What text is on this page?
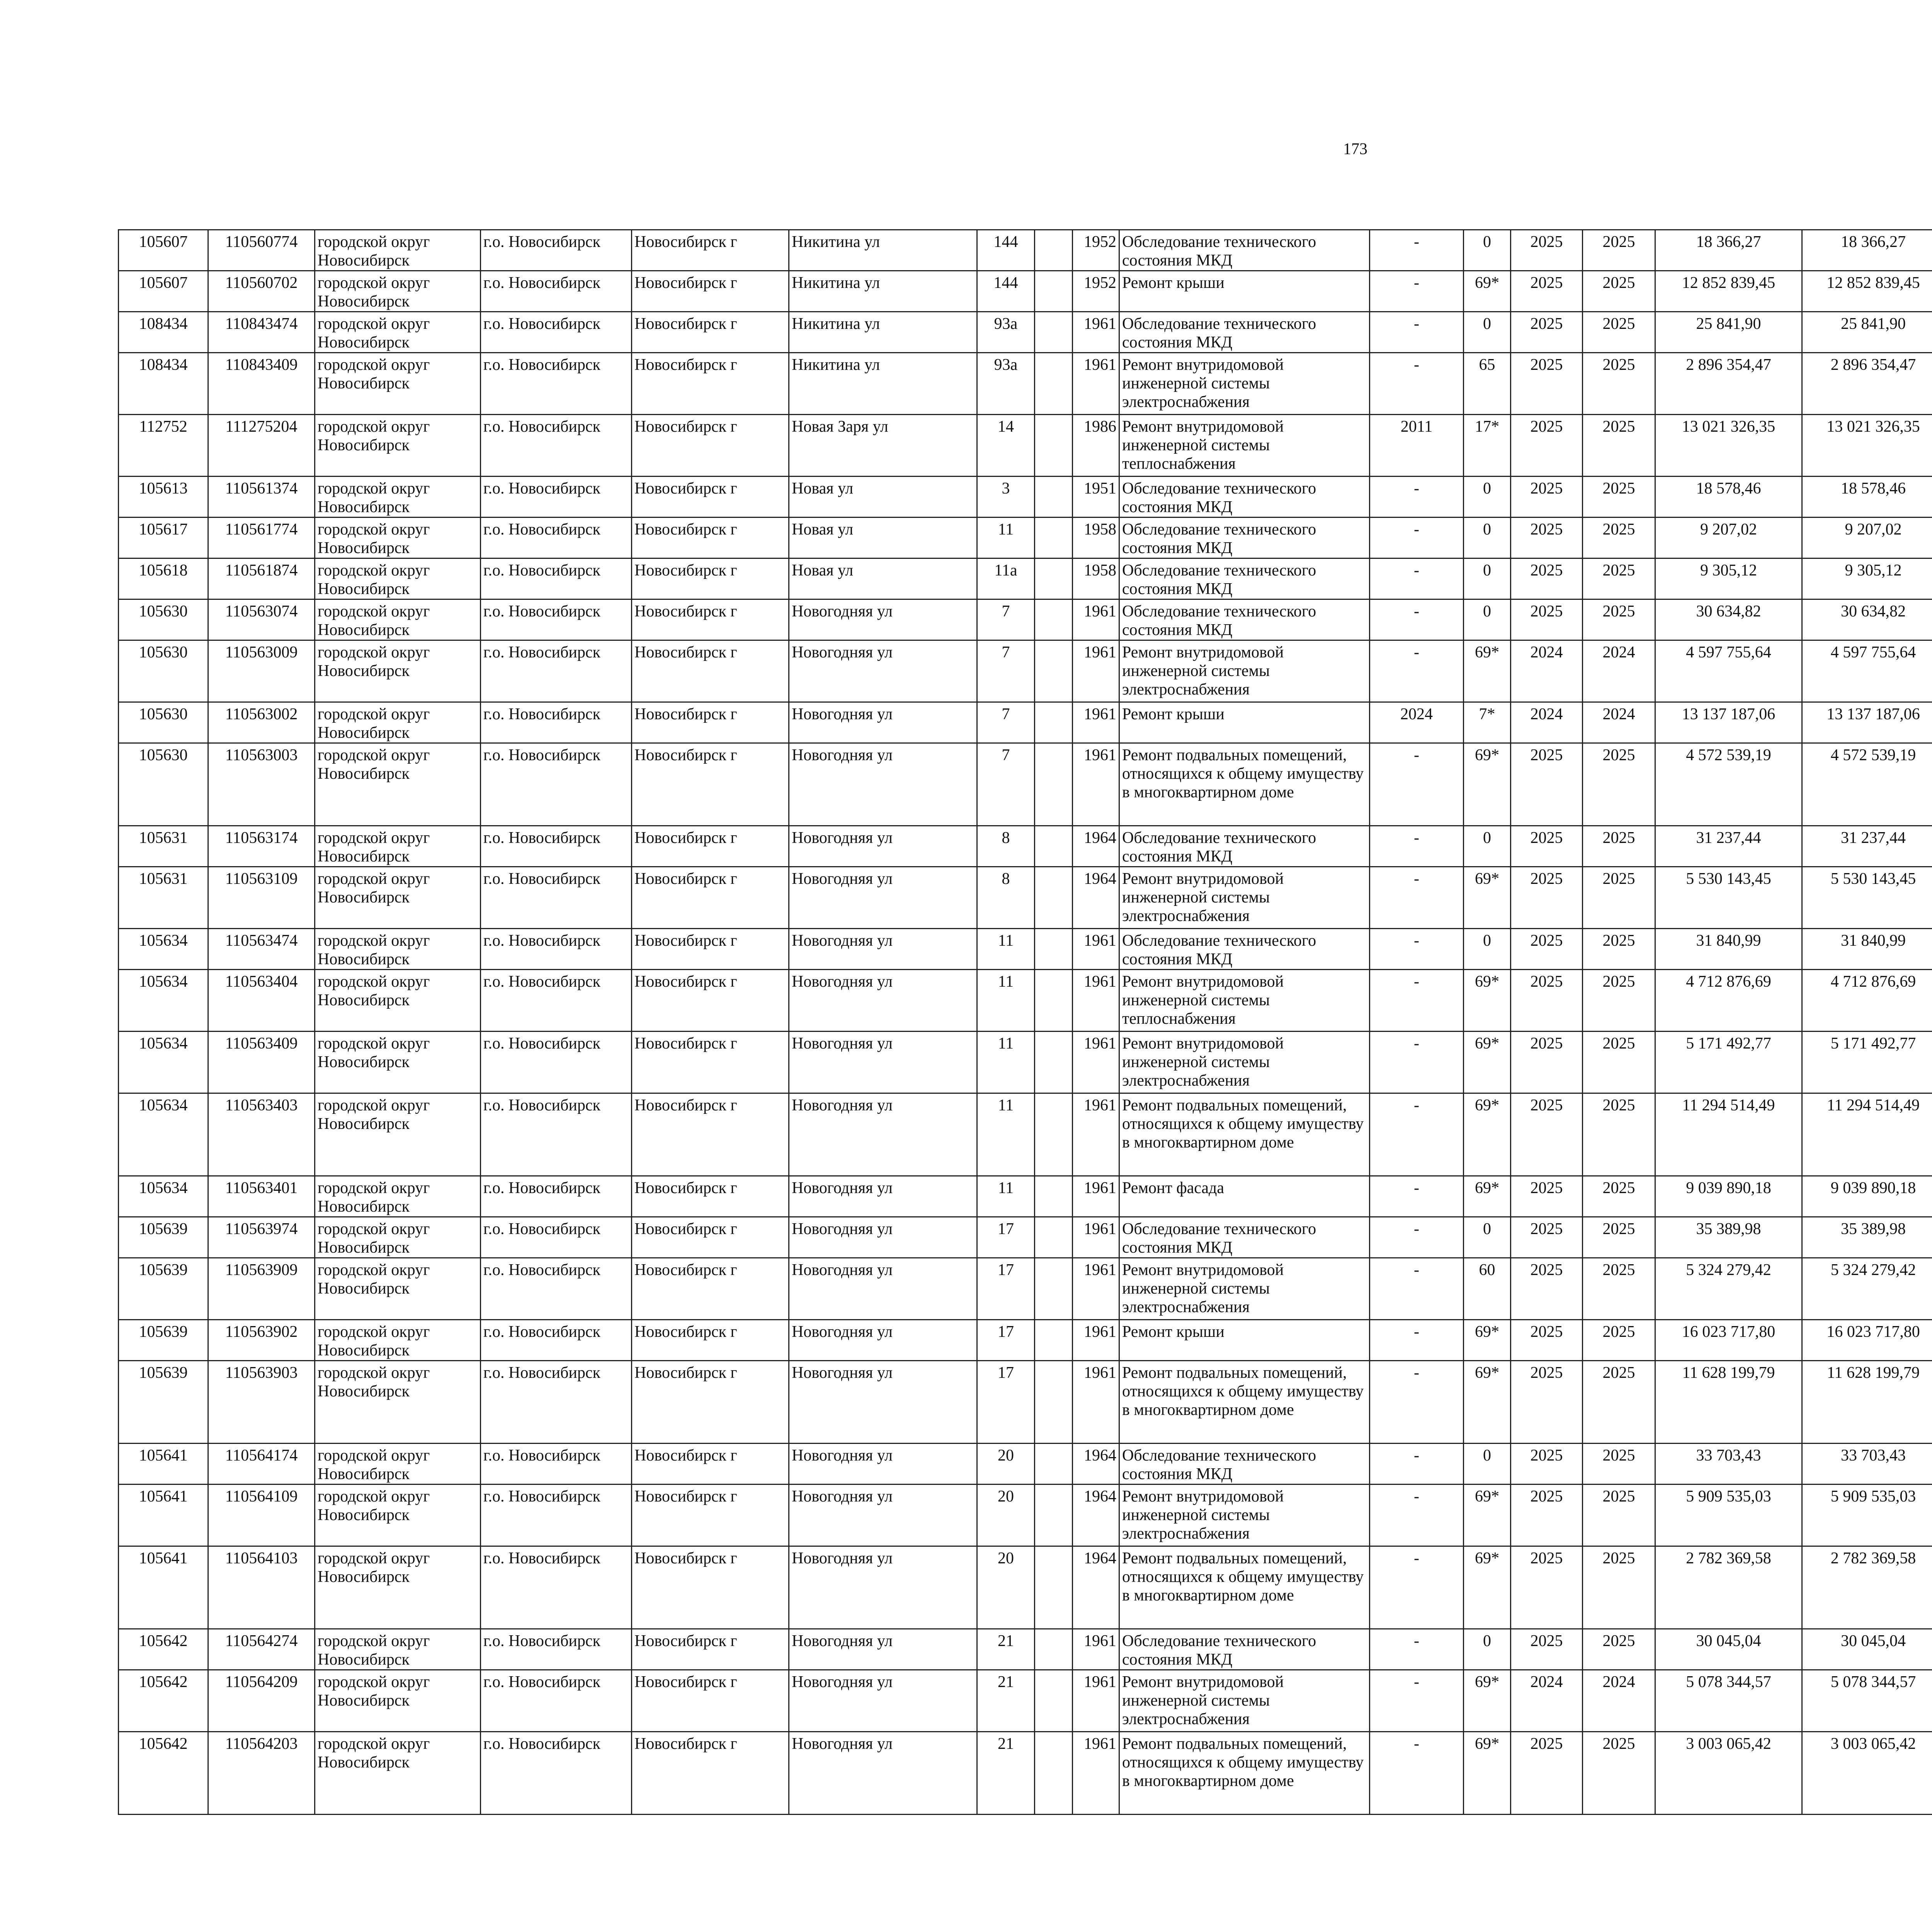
173
105607	110560774	городской округ Новосибирск	г.о. Новосибирск	Новосибирск г	Никитина ул	144		1952	Обследование технического состояния МКД	-	0	2025	2025	18 366,27	18 366,27						
105607	110560702	городской округ Новосибирск	г.о. Новосибирск	Новосибирск г	Никитина ул	144		1952	Ремонт крыши	-	69*	2025	2025	12 852 839,45	12 852 839,45						
108434	110843474	городской округ Новосибирск	г.о. Новосибирск	Новосибирск г	Никитина ул	93а		1961	Обследование технического состояния МКД	-	0	2025	2025	25 841,90	25 841,90						
108434	110843409	городской округ Новосибирск	г.о. Новосибирск	Новосибирск г	Никитина ул	93а		1961	Ремонт внутридомовой инженерной системы электроснабжения	-	65	2025	2025	2 896 354,47	2 896 354,47						
112752	111275204	городской округ Новосибирск	г.о. Новосибирск	Новосибирск г	Новая Заря ул	14		1986	Ремонт внутридомовой инженерной системы теплоснабжения	2011	17*	2025	2025	13 021 326,35	13 021 326,35						
105613	110561374	городской округ Новосибирск	г.о. Новосибирск	Новосибирск г	Новая ул	3		1951	Обследование технического состояния МКД	-	0	2025	2025	18 578,46	18 578,46						
105617	110561774	городской округ Новосибирск	г.о. Новосибирск	Новосибирск г	Новая ул	11		1958	Обследование технического состояния МКД	-	0	2025	2025	9 207,02	9 207,02						
105618	110561874	городской округ Новосибирск	г.о. Новосибирск	Новосибирск г	Новая ул	11а		1958	Обследование технического состояния МКД	-	0	2025	2025	9 305,12	9 305,12						
105630	110563074	городской округ Новосибирск	г.о. Новосибирск	Новосибирск г	Новогодняя ул	7		1961	Обследование технического состояния МКД	-	0	2025	2025	30 634,82	30 634,82						
105630	110563009	городской округ Новосибирск	г.о. Новосибирск	Новосибирск г	Новогодняя ул	7		1961	Ремонт внутридомовой инженерной системы электроснабжения	-	69*	2024	2024	4 597 755,64	4 597 755,64						
105630	110563002	городской округ Новосибирск	г.о. Новосибирск	Новосибирск г	Новогодняя ул	7		1961	Ремонт крыши	2024	7*	2024	2024	13 137 187,06	13 137 187,06						
105630	110563003	городской округ Новосибирск	г.о. Новосибирск	Новосибирск г	Новогодняя ул	7		1961	Ремонт подвальных помещений, относящихся к общему имуществу в многоквартирном доме	-	69*	2025	2025	4 572 539,19	4 572 539,19						
105631	110563174	городской округ Новосибирск	г.о. Новосибирск	Новосибирск г	Новогодняя ул	8		1964	Обследование технического состояния МКД	-	0	2025	2025	31 237,44	31 237,44						
105631	110563109	городской округ Новосибирск	г.о. Новосибирск	Новосибирск г	Новогодняя ул	8		1964	Ремонт внутридомовой инженерной системы электроснабжения	-	69*	2025	2025	5 530 143,45	5 530 143,45						
105634	110563474	городской округ Новосибирск	г.о. Новосибирск	Новосибирск г	Новогодняя ул	11		1961	Обследование технического состояния МКД	-	0	2025	2025	31 840,99	31 840,99						
105634	110563404	городской округ Новосибирск	г.о. Новосибирск	Новосибирск г	Новогодняя ул	11		1961	Ремонт внутридомовой инженерной системы теплоснабжения	-	69*	2025	2025	4 712 876,69	4 712 876,69						
105634	110563409	городской округ Новосибирск	г.о. Новосибирск	Новосибирск г	Новогодняя ул	11		1961	Ремонт внутридомовой инженерной системы электроснабжения	-	69*	2025	2025	5 171 492,77	5 171 492,77						
105634	110563403	городской округ Новосибирск	г.о. Новосибирск	Новосибирск г	Новогодняя ул	11		1961	Ремонт подвальных помещений, относящихся к общему имуществу в многоквартирном доме	-	69*	2025	2025	11 294 514,49	11 294 514,49						
105634	110563401	городской округ Новосибирск	г.о. Новосибирск	Новосибирск г	Новогодняя ул	11		1961	Ремонт фасада	-	69*	2025	2025	9 039 890,18	9 039 890,18						
105639	110563974	городской округ Новосибирск	г.о. Новосибирск	Новосибирск г	Новогодняя ул	17		1961	Обследование технического состояния МКД	-	0	2025	2025	35 389,98	35 389,98						
105639	110563909	городской округ Новосибирск	г.о. Новосибирск	Новосибирск г	Новогодняя ул	17		1961	Ремонт внутридомовой инженерной системы электроснабжения	-	60	2025	2025	5 324 279,42	5 324 279,42						
105639	110563902	городской округ Новосибирск	г.о. Новосибирск	Новосибирск г	Новогодняя ул	17		1961	Ремонт крыши	-	69*	2025	2025	16 023 717,80	16 023 717,80						
105639	110563903	городской округ Новосибирск	г.о. Новосибирск	Новосибирск г	Новогодняя ул	17		1961	Ремонт подвальных помещений, относящихся к общему имуществу в многоквартирном доме	-	69*	2025	2025	11 628 199,79	11 628 199,79						
105641	110564174	городской округ Новосибирск	г.о. Новосибирск	Новосибирск г	Новогодняя ул	20		1964	Обследование технического состояния МКД	-	0	2025	2025	33 703,43	33 703,43						
105641	110564109	городской округ Новосибирск	г.о. Новосибирск	Новосибирск г	Новогодняя ул	20		1964	Ремонт внутридомовой инженерной системы электроснабжения	-	69*	2025	2025	5 909 535,03	5 909 535,03						
105641	110564103	городской округ Новосибирск	г.о. Новосибирск	Новосибирск г	Новогодняя ул	20		1964	Ремонт подвальных помещений, относящихся к общему имуществу в многоквартирном доме	-	69*	2025	2025	2 782 369,58	2 782 369,58						
105642	110564274	городской округ Новосибирск	г.о. Новосибирск	Новосибирск г	Новогодняя ул	21		1961	Обследование технического состояния МКД	-	0	2025	2025	30 045,04	30 045,04						
105642	110564209	городской округ Новосибирск	г.о. Новосибирск	Новосибирск г	Новогодняя ул	21		1961	Ремонт внутридомовой инженерной системы электроснабжения	-	69*	2024	2024	5 078 344,57	5 078 344,57						
105642	110564203	городской округ Новосибирск	г.о. Новосибирск	Новосибирск г	Новогодняя ул	21		1961	Ремонт подвальных помещений, относящихся к общему имуществу в многоквартирном доме	-	69*	2025	2025	3 003 065,42	3 003 065,42						
